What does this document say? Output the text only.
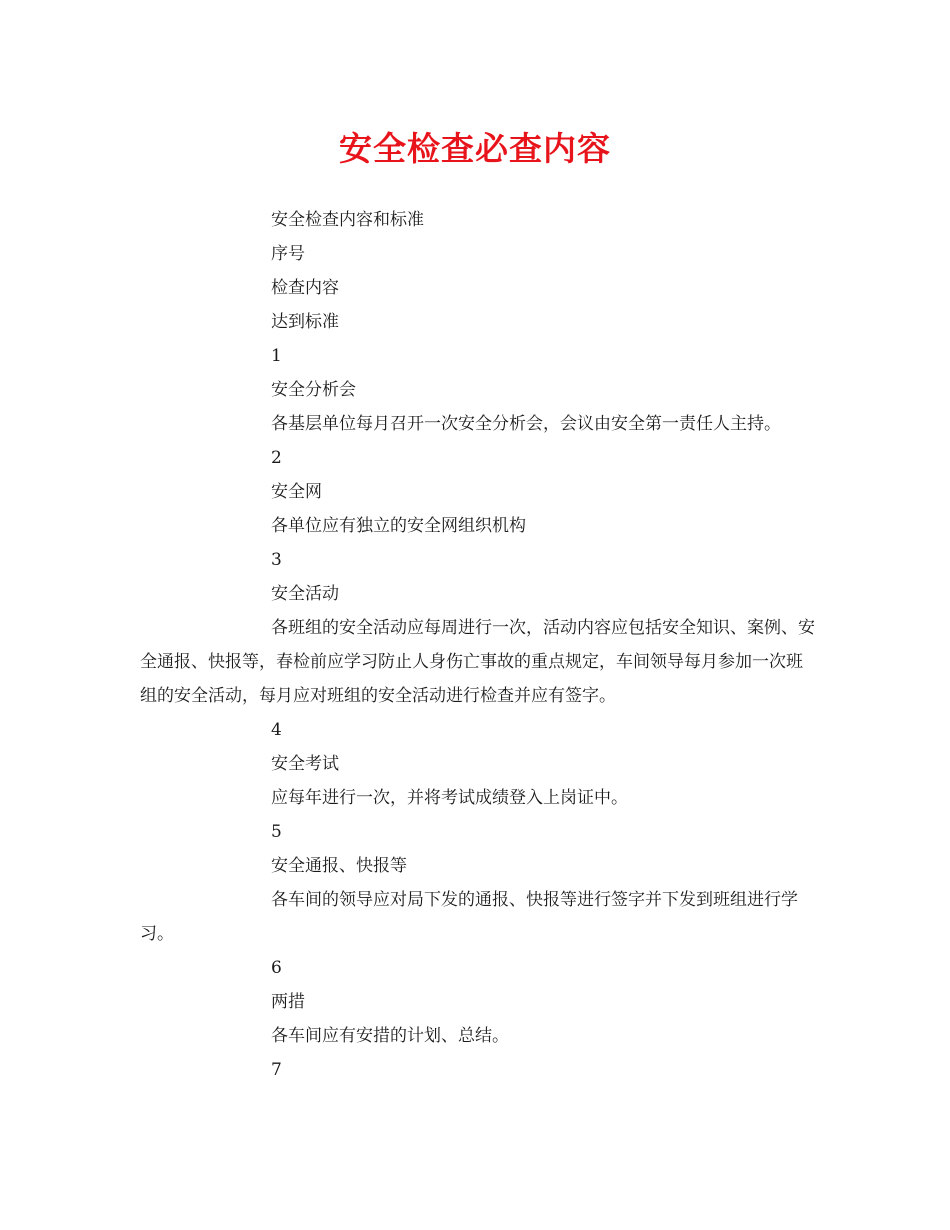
安全检查必查内容

安全检查内容和标准

序号

检查内容

达到标准

1

安全分析会

各基层单位每月召开一次安全分析会，会议由安全第一责任人主持。

2

安全网

各单位应有独立的安全网组织机构

3

安全活动

各班组的安全活动应每周进行一次，活动内容应包括安全知识、案例、安全通报、快报等，春检前应学习防止人身伤亡事故的重点规定，车间领导每月参加一次班组的安全活动，每月应对班组的安全活动进行检查并应有签字。

4

安全考试

应每年进行一次，并将考试成绩登入上岗证中。

5

安全通报、快报等

各车间的领导应对局下发的通报、快报等进行签字并下发到班组进行学习。

6

两措

各车间应有安措的计划、总结。

7
